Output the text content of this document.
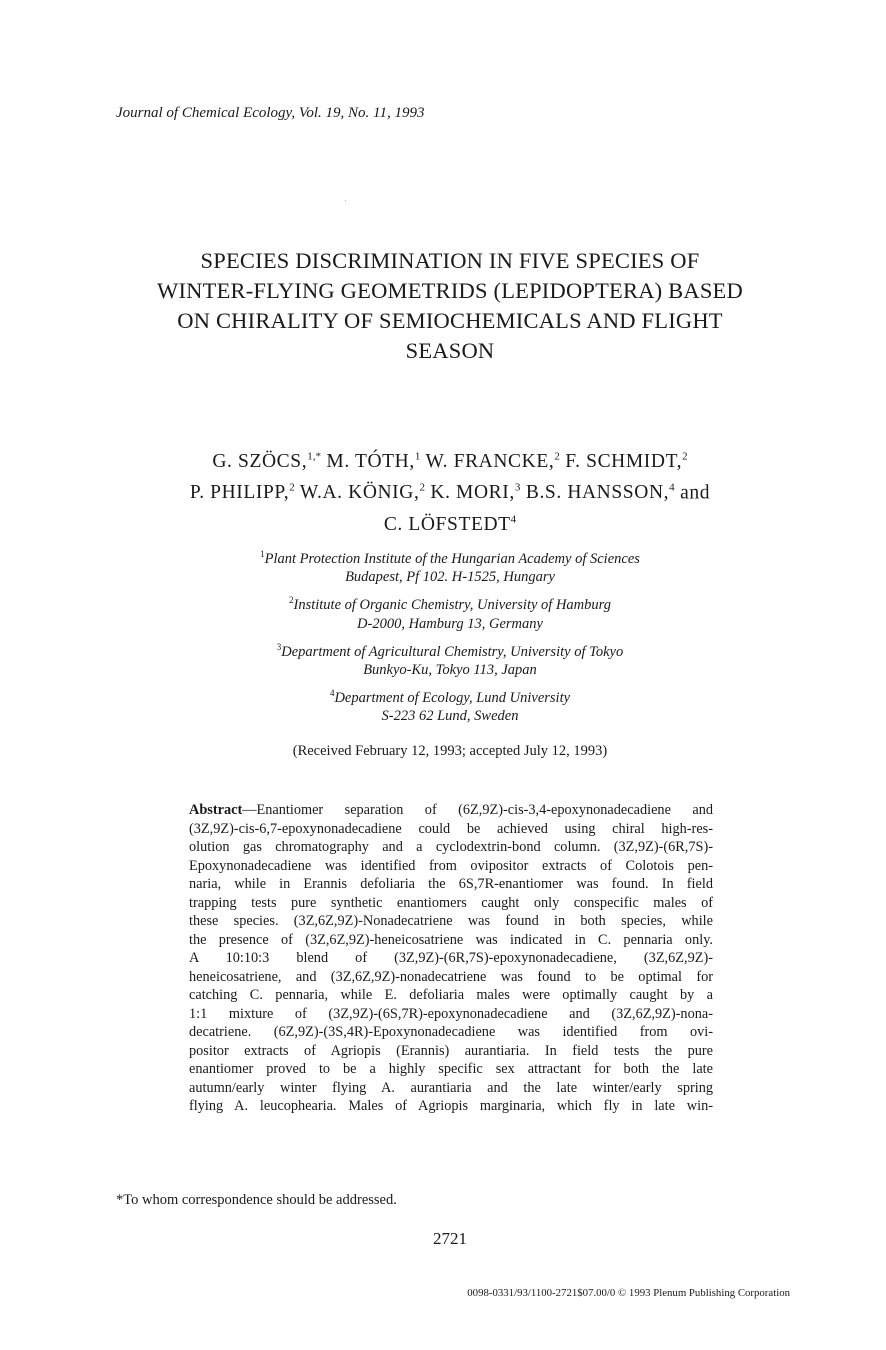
Journal of Chemical Ecology, Vol. 19, No. 11, 1993
SPECIES DISCRIMINATION IN FIVE SPECIES OF
WINTER-FLYING GEOMETRIDS (LEPIDOPTERA) BASED
ON CHIRALITY OF SEMIOCHEMICALS AND FLIGHT
SEASON
G. SZÖCS,$^{1,*}$ M. TÓTH,$^1$ W. FRANCKE,$^2$ F. SCHMIDT,$^2$
P. PHILIPP,$^2$ W.A. KÖNIG,$^2$ K. MORI,$^3$ B.S. HANSSON,$^4$ and
C. LÖFSTEDT$^4$
$^1$Plant Protection Institute of the Hungarian Academy of Sciences
Budapest, Pf 102. H-1525, Hungary
$^2$Institute of Organic Chemistry, University of Hamburg
D-2000, Hamburg 13, Germany
$^3$Department of Agricultural Chemistry, University of Tokyo
Bunkyo-Ku, Tokyo 113, Japan
$^4$Department of Ecology, Lund University
S-223 62 Lund, Sweden
(Received February 12, 1993; accepted July 12, 1993)
Abstract—Enantiomer separation of (6Z,9Z)-cis-3,4-epoxynonadecadiene and
(3Z,9Z)-cis-6,7-epoxynonadecadiene could be achieved using chiral high-res-
olution gas chromatography and a cyclodextrin-bond column. (3Z,9Z)-(6R,7S)-
Epoxynonadecadiene was identified from ovipositor extracts of Colotois pen-
naria, while in Erannis defoliaria the 6S,7R-enantiomer was found. In field
trapping tests pure synthetic enantiomers caught only conspecific males of
these species. (3Z,6Z,9Z)-Nonadecatriene was found in both species, while
the presence of (3Z,6Z,9Z)-heneicosatriene was indicated in C. pennaria only.
A 10:10:3 blend of (3Z,9Z)-(6R,7S)-epoxynonadecadiene, (3Z,6Z,9Z)-
heneicosatriene, and (3Z,6Z,9Z)-nonadecatriene was found to be optimal for
catching C. pennaria, while E. defoliaria males were optimally caught by a
1:1 mixture of (3Z,9Z)-(6S,7R)-epoxynonadecadiene and (3Z,6Z,9Z)-nona-
decatriene. (6Z,9Z)-(3S,4R)-Epoxynonadecadiene was identified from ovi-
positor extracts of Agriopis (Erannis) aurantiaria. In field tests the pure
enantiomer proved to be a highly specific sex attractant for both the late
autumn/early winter flying A. aurantiaria and the late winter/early spring
flying A. leucophearia. Males of Agriopis marginaria, which fly in late win-
*To whom correspondence should be addressed.
2721
0098-0331/93/1100-2721$07.00/0 © 1993 Plenum Publishing Corporation
